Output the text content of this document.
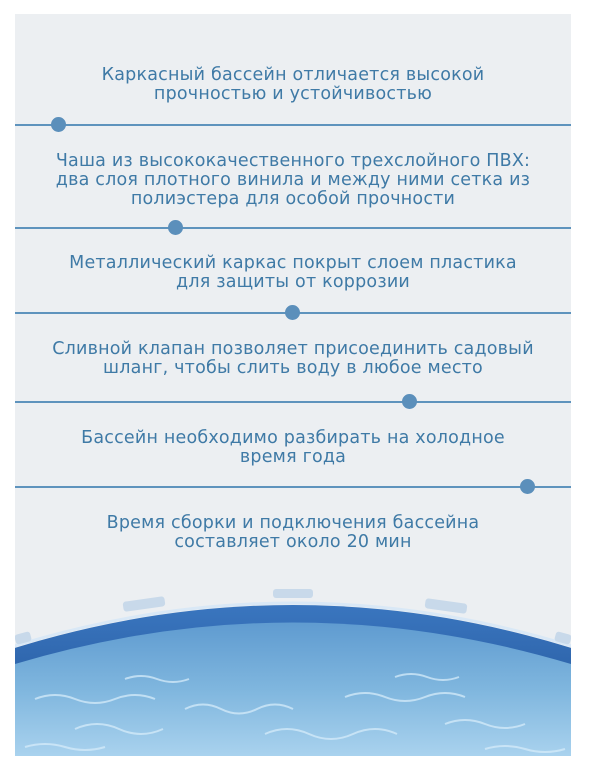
Каркасный бассейн отличается высокой
прочностью и устойчивостью
Чаша из высококачественного трехслойного ПВХ:
два слоя плотного винила и между ними сетка из
полиэстера для особой прочности
Металлический каркас покрыт слоем пластика
для защиты от коррозии
Сливной клапан позволяет присоединить садовый
шланг, чтобы слить воду в любое место
Бассейн необходимо разбирать на холодное
время года
Время сборки и подключения бассейна
составляет около 20 мин
